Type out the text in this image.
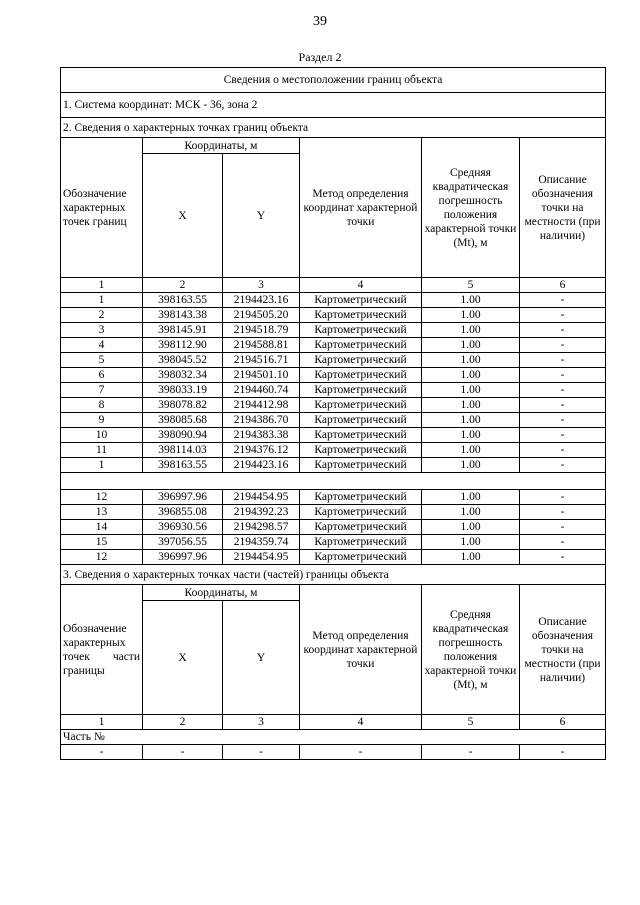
39
Раздел 2
Сведения о местоположении границ объекта					
1. Система координат: МСК - 36, зона 2					
2. Сведения о характерных точках границ объекта					
Обозначение характерных точек границ	Координаты, м		Метод определения координат характерной точки	Средняя квадратическая погрешность положения характерной точки (Mt), м	Описание обозначения точки на местности (при наличии)
	X	Y			
1	2	3	4	5	6
1	398163.55	2194423.16	Картометрический	1.00	-
2	398143.38	2194505.20	Картометрический	1.00	-
3	398145.91	2194518.79	Картометрический	1.00	-
4	398112.90	2194588.81	Картометрический	1.00	-
5	398045.52	2194516.71	Картометрический	1.00	-
6	398032.34	2194501.10	Картометрический	1.00	-
7	398033.19	2194460.74	Картометрический	1.00	-
8	398078.82	2194412.98	Картометрический	1.00	-
9	398085.68	2194386.70	Картометрический	1.00	-
10	398090.94	2194383.38	Картометрический	1.00	-
11	398114.03	2194376.12	Картометрический	1.00	-
1	398163.55	2194423.16	Картометрический	1.00	-

12	396997.96	2194454.95	Картометрический	1.00	-
13	396855.08	2194392.23	Картометрический	1.00	-
14	396930.56	2194298.57	Картометрический	1.00	-
15	397056.55	2194359.74	Картометрический	1.00	-
12	396997.96	2194454.95	Картометрический	1.00	-
3. Сведения о характерных точках части (частей) границы объекта					
Обозначение характерных точек части границы	Координаты, м		Метод определения координат характерной точки	Средняя квадратическая погрешность положения характерной точки (Mt), м	Описание обозначения точки на местности (при наличии)
	X	Y			
1	2	3	4	5	6
Часть №					
-	-	-	-	-	-
